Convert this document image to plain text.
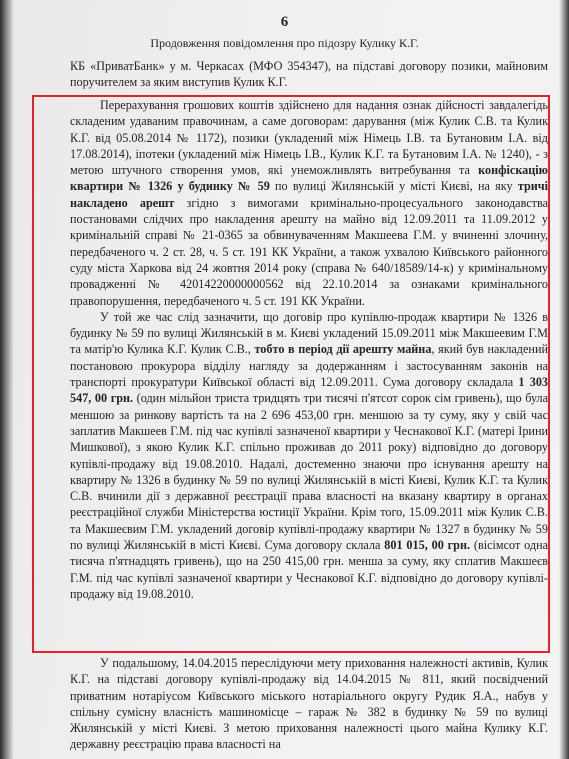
6
Продовження повідомлення про підозру Кулику К.Г.

КБ «ПриватБанк» у м. Черкасах (МФО 354347), на підставі договору позики, майновим поручителем за яким виступив Кулик К.Г.

Перерахування грошових коштів здійснено для надання ознак дійсності завдалегідь складеним удаваним правочинам, а саме договорам: дарування (між Кулик С.В. та Кулик К.Г. від 05.08.2014 № 1172), позики (укладений між Німець І.В. та Бутановим І.А. від 17.08.2014), іпотеки (укладений між Німець І.В., Кулик К.Г. та Бутановим І.А. № 1240), - з метою штучного створення умов, які унеможливлять витребування та конфіскацію квартири № 1326 у будинку № 59 по вулиці Жилянській у місті Києві, на яку тричі накладено арешт згідно з вимогами кримінально-процесуального законодавства постановами слідчих про накладення арешту на майно від 12.09.2011 та 11.09.2012 у кримінальній справі № 21-0365 за обвинуваченням Макшеева Г.М. у вчиненні злочину, передбаченого ч. 2 ст. 28, ч. 5 ст. 191 КК України, а також ухвалою Київського районного суду міста Харкова від 24 жовтня 2014 року (справа № 640/18589/14-к) у кримінальному провадженні № 42014220000000562 від 22.10.2014 за ознаками кримінального правопорушення, передбаченого ч. 5 ст. 191 КК України.

У той же час слід зазначити, що договір про купівлю-продаж квартири № 1326 в будинку № 59 по вулиці Жилянській в м. Києві укладений 15.09.2011 між Макшеевим Г.М та матір'ю Кулика К.Г. Кулик С.В., тобто в період дії арешту майна, який був накладений постановою прокурора відділу нагляду за додержанням і застосуванням законів на транспорті прокуратури Київської області від 12.09.2011. Сума договору складала 1 303 547, 00 грн. (один мільйон триста тридцять три тисячі п'ятсот сорок сім гривень), що була меншою за ринкову вартість та на 2 696 453,00 грн. меншою за ту суму, яку у свій час заплатив Макшеев Г.М. під час купівлі зазначеної квартири у Чеснакової К.Г. (матері Ірини Мишкової), з якою Кулик К.Г. спільно проживав до 2011 року) відповідно до договору купівлі-продажу від 19.08.2010. Надалі, достеменно знаючи про існування арешту на квартиру № 1326 в будинку № 59 по вулиці Жилянській в місті Києві, Кулик К.Г. та Кулик С.В. вчинили дії з державної реєстрації права власності на вказану квартиру в органах реєстраційної служби Міністерства юстиції України. Крім того, 15.09.2011 між Кулик С.В. та Макшеєвим Г.М. укладений договір купівлі-продажу квартири № 1327 в будинку № 59 по вулиці Жилянській в місті Києві. Сума договору склала 801 015, 00 грн. (вісімсот одна тисяча п'ятнадцять гривень), що на 250 415,00 грн. менша за суму, яку сплатив Макшеєв Г.М. під час купівлі зазначеної квартири у Чеснакової К.Г. відповідно до договору купівлі-продажу від 19.08.2010.

У подальшому, 14.04.2015 переслідуючи мету приховання належності активів, Кулик К.Г. на підставі договору купівлі-продажу від 14.04.2015 № 811, який посвідчений приватним нотаріусом Київського міського нотаріального округу Рудик Я.А., набув у спільну сумісну власність машиномісце – гараж № 382 в будинку № 59 по вулиці Жилянській у місті Києві. З метою приховання належності цього майна Кулику К.Г. державну реєстрацію права власності на
